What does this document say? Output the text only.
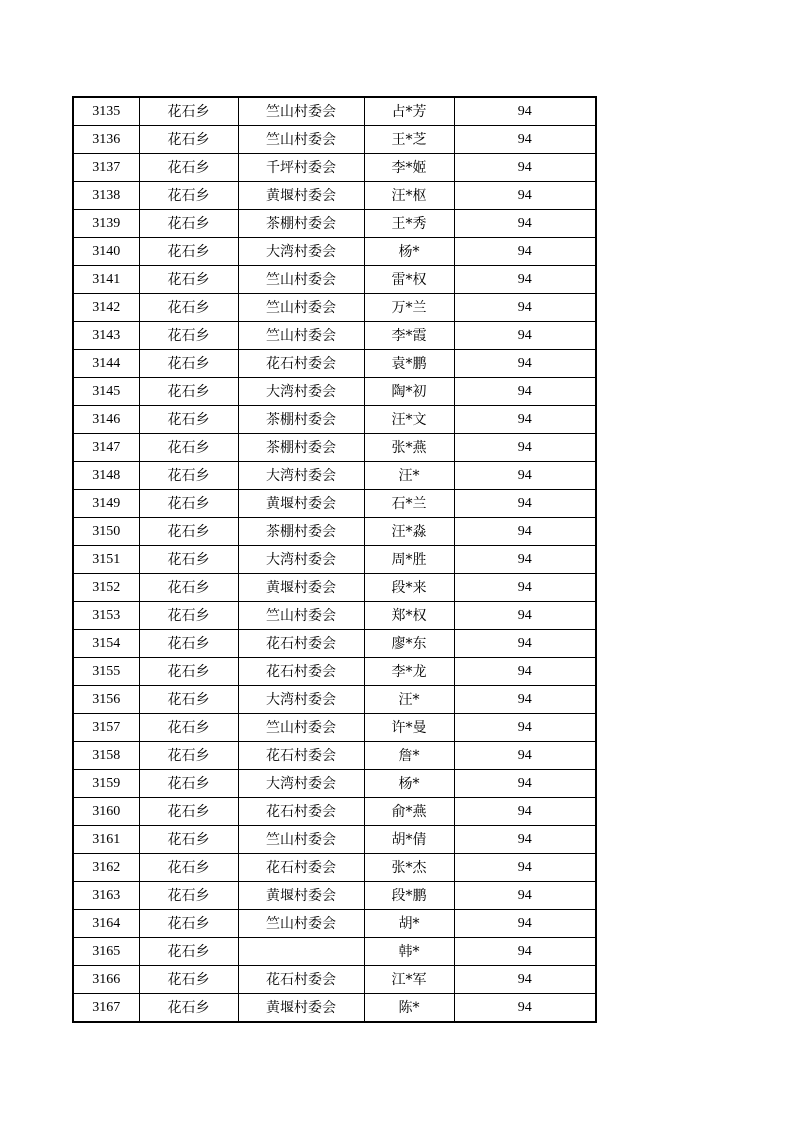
3135	花石乡	竺山村委会	占*芳	94
3136	花石乡	竺山村委会	王*芝	94
3137	花石乡	千坪村委会	李*姬	94
3138	花石乡	黄堰村委会	汪*枢	94
3139	花石乡	茶棚村委会	王*秀	94
3140	花石乡	大湾村委会	杨*	94
3141	花石乡	竺山村委会	雷*权	94
3142	花石乡	竺山村委会	万*兰	94
3143	花石乡	竺山村委会	李*霞	94
3144	花石乡	花石村委会	袁*鹏	94
3145	花石乡	大湾村委会	陶*初	94
3146	花石乡	茶棚村委会	汪*文	94
3147	花石乡	茶棚村委会	张*燕	94
3148	花石乡	大湾村委会	汪*	94
3149	花石乡	黄堰村委会	石*兰	94
3150	花石乡	茶棚村委会	汪*淼	94
3151	花石乡	大湾村委会	周*胜	94
3152	花石乡	黄堰村委会	段*来	94
3153	花石乡	竺山村委会	郑*权	94
3154	花石乡	花石村委会	廖*东	94
3155	花石乡	花石村委会	李*龙	94
3156	花石乡	大湾村委会	汪*	94
3157	花石乡	竺山村委会	许*曼	94
3158	花石乡	花石村委会	詹*	94
3159	花石乡	大湾村委会	杨*	94
3160	花石乡	花石村委会	俞*燕	94
3161	花石乡	竺山村委会	胡*倩	94
3162	花石乡	花石村委会	张*杰	94
3163	花石乡	黄堰村委会	段*鹏	94
3164	花石乡	竺山村委会	胡*	94
3165	花石乡		韩*	94
3166	花石乡	花石村委会	江*军	94
3167	花石乡	黄堰村委会	陈*	94
